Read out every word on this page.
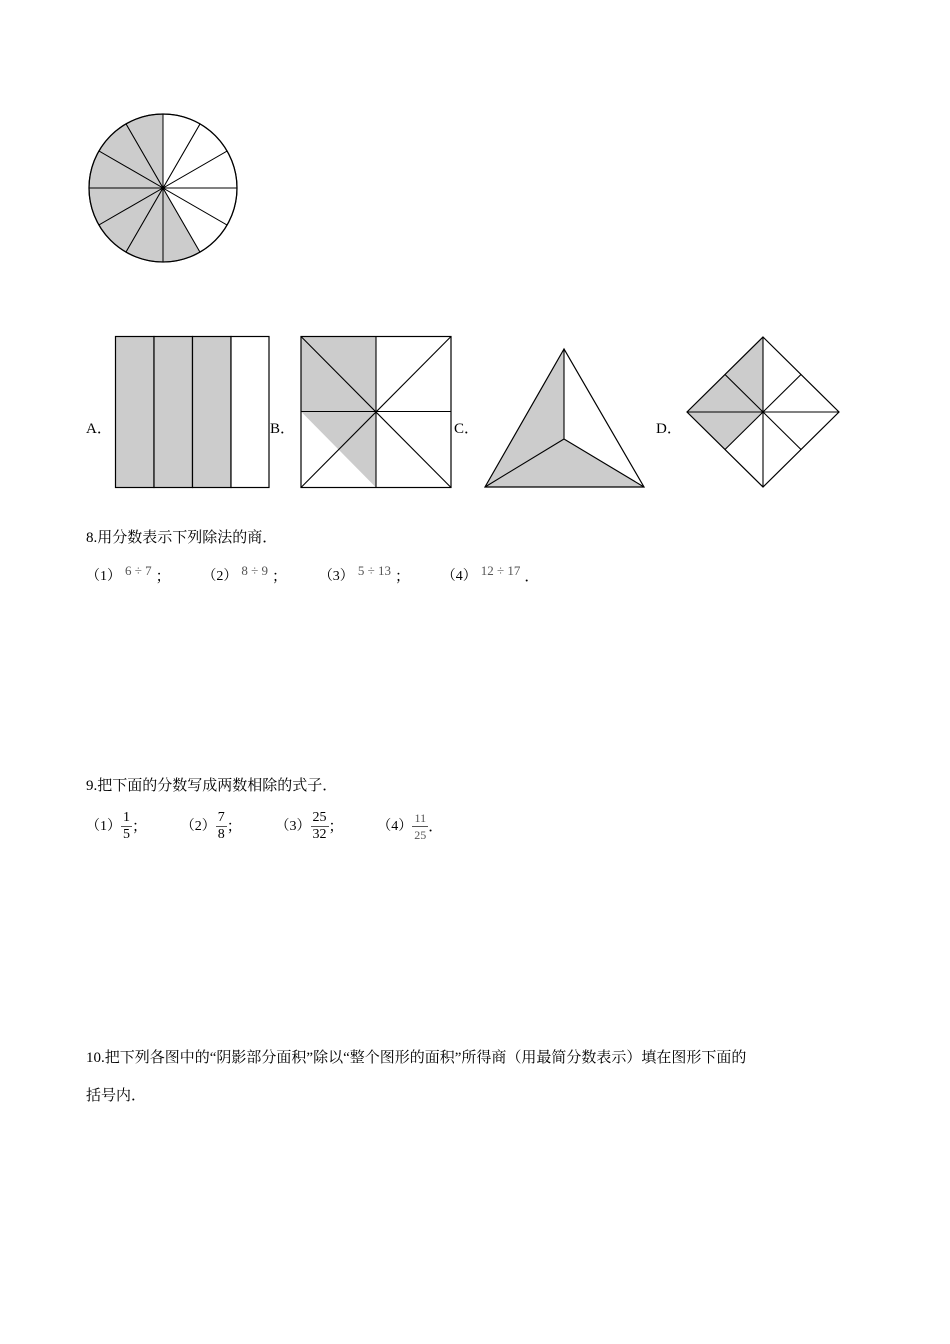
A．	B．	C．	D．
8.用分数表示下列除法的商．
（1） 6 ÷ 7 ；
（2） 8 ÷ 9 ；
（3） 5 ÷ 13 ；
（4） 12 ÷ 17 ．
9.把下面的分数写成两数相除的式子．
$(1) \frac{1}{5}$ ；
$(2) \frac{7}{8}$ ；
$(3) \frac{25}{32}$ ；
$(4) \frac{11}{25}$ ．
10.把下列各图中的“阴影部分面积”除以“整个图形的面积”所得商（用最简分数表示）填在图形下面的
括号内．
